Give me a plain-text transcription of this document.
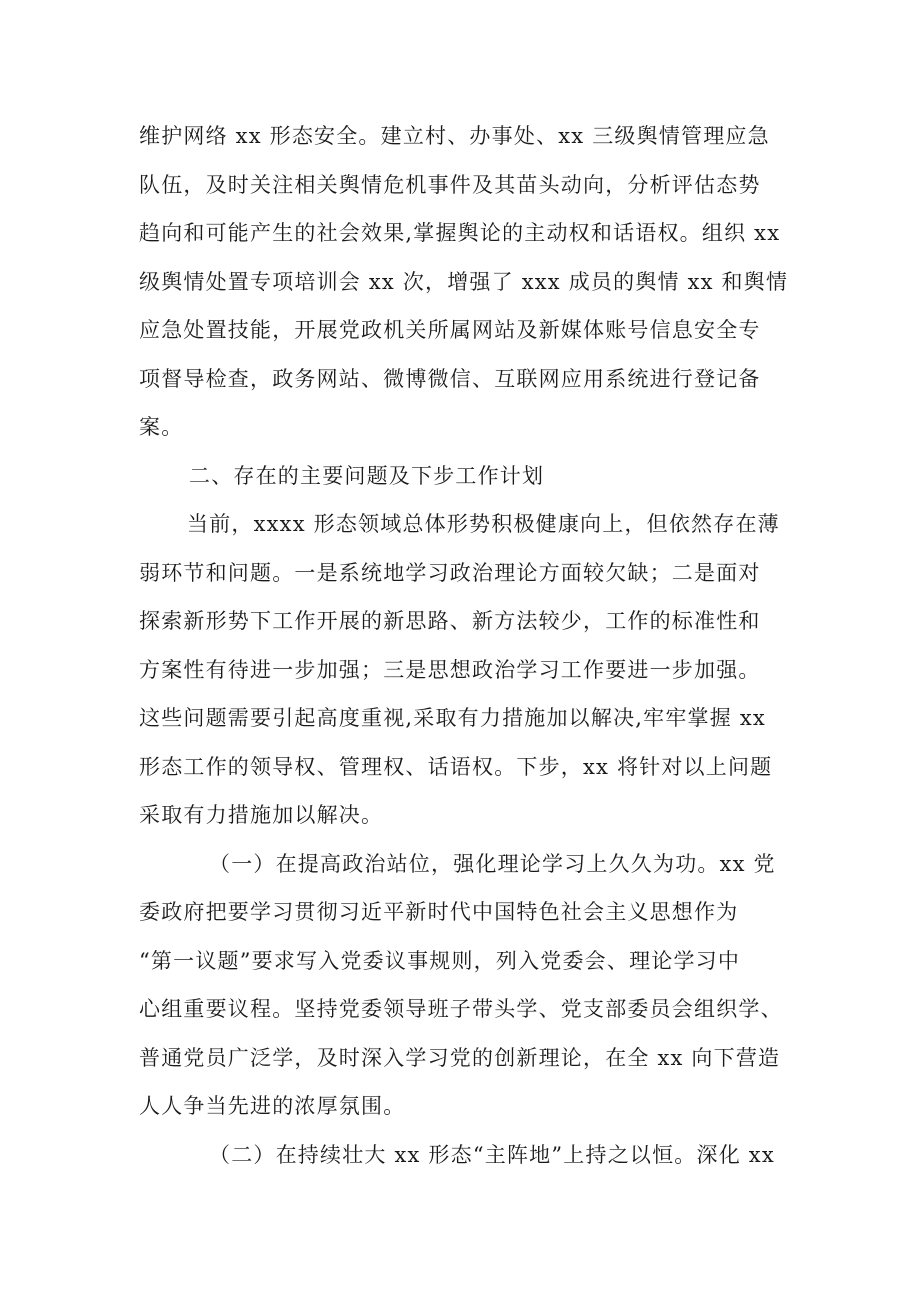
维护网络 xx 形态安全。建立村、办事处、xx 三级舆情管理应急
队伍，及时关注相关舆情危机事件及其苗头动向，分析评估态势
趋向和可能产生的社会效果,掌握舆论的主动权和话语权。组织 xx
级舆情处置专项培训会 xx 次，增强了 xxx 成员的舆情 xx 和舆情
应急处置技能，开展党政机关所属网站及新媒体账号信息安全专
项督导检查，政务网站、微博微信、互联网应用系统进行登记备
案。
二、存在的主要问题及下步工作计划
当前，xxxx 形态领域总体形势积极健康向上，但依然存在薄
弱环节和问题。一是系统地学习政治理论方面较欠缺；二是面对
探索新形势下工作开展的新思路、新方法较少，工作的标准性和
方案性有待进一步加强；三是思想政治学习工作要进一步加强。
这些问题需要引起高度重视,采取有力措施加以解决,牢牢掌握 xx
形态工作的领导权、管理权、话语权。下步，xx 将针对以上问题
采取有力措施加以解决。
（一）在提高政治站位，强化理论学习上久久为功。xx 党
委政府把要学习贯彻习近平新时代中国特色社会主义思想作为
“第一议题”要求写入党委议事规则，列入党委会、理论学习中
心组重要议程。坚持党委领导班子带头学、党支部委员会组织学、
普通党员广泛学，及时深入学习党的创新理论，在全 xx 向下营造
人人争当先进的浓厚氛围。
（二）在持续壮大 xx 形态“主阵地”上持之以恒。深化 xx
